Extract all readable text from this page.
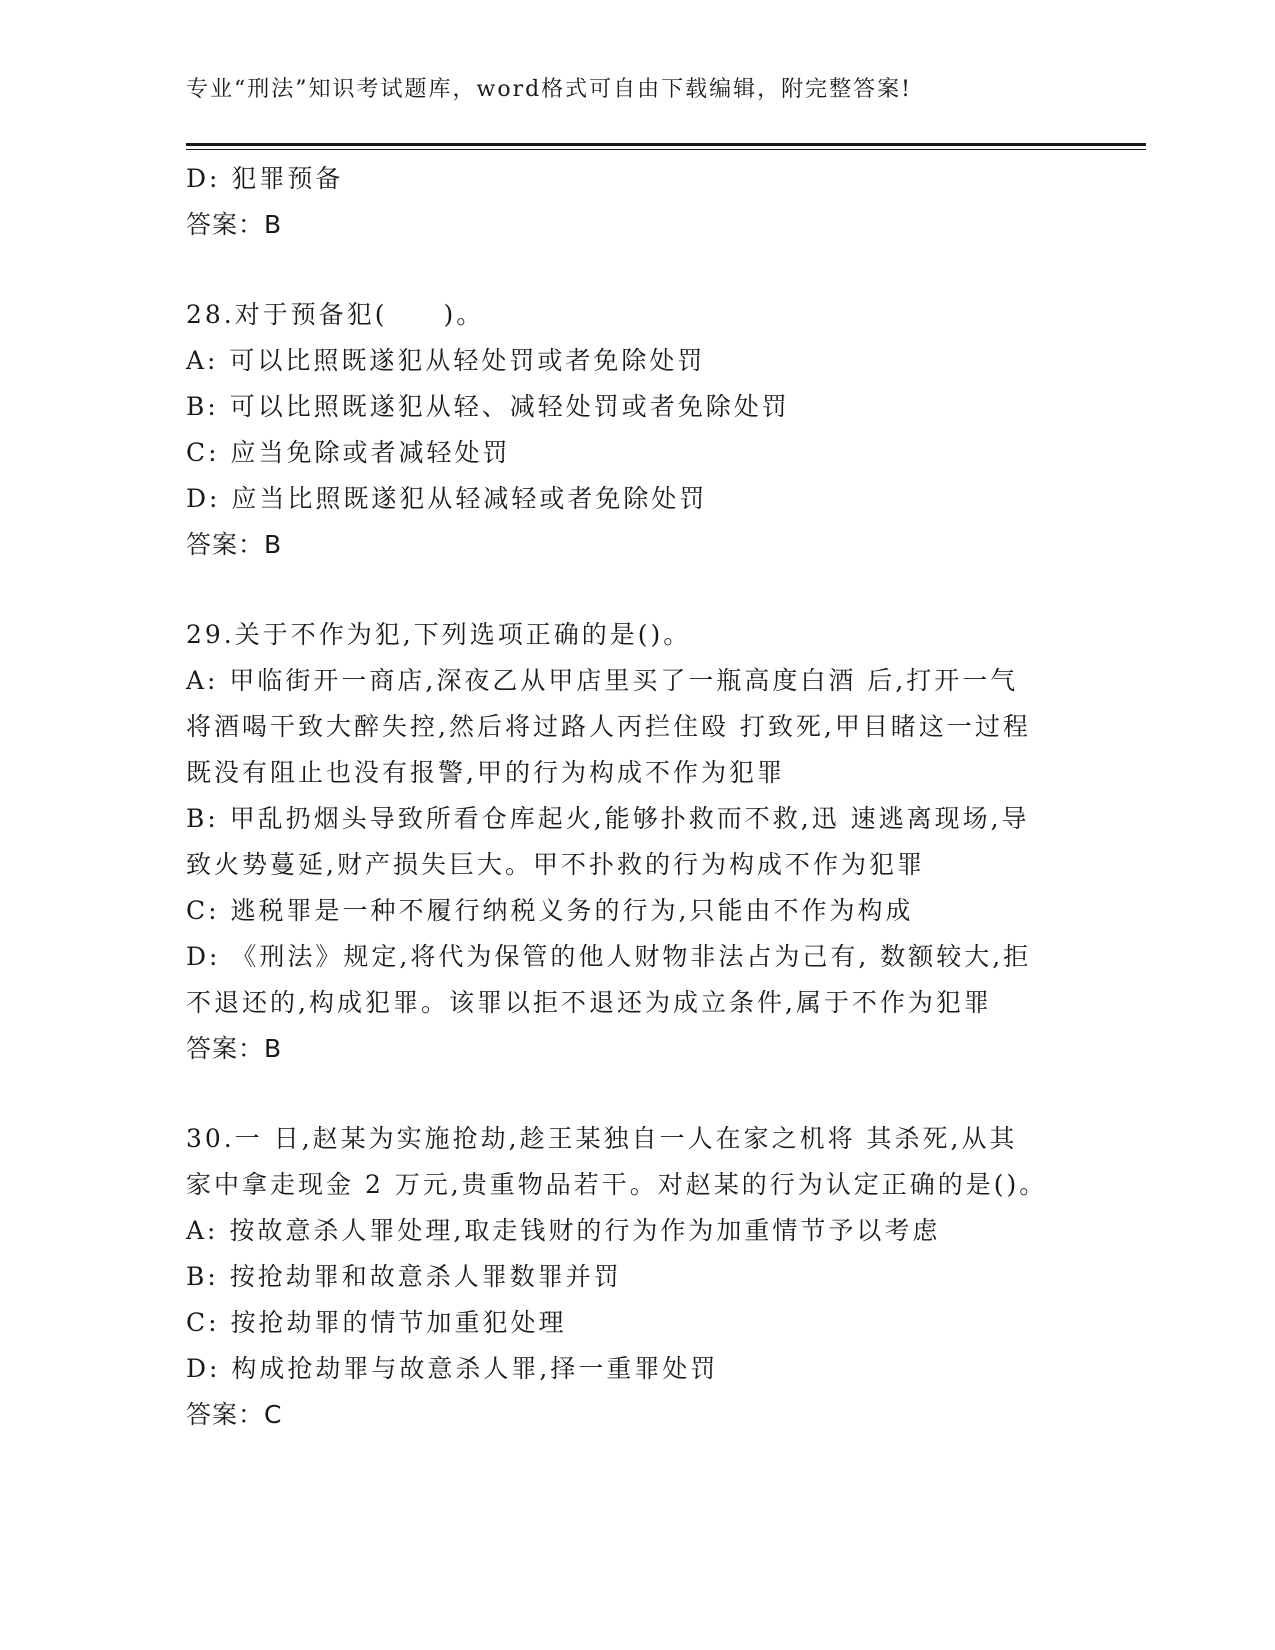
专业“刑法”知识考试题库，word格式可自由下载编辑，附完整答案!
D: 犯罪预备
答案：B
28.对于预备犯(　　)。
A: 可以比照既遂犯从轻处罚或者免除处罚
B: 可以比照既遂犯从轻、减轻处罚或者免除处罚
C: 应当免除或者减轻处罚
D: 应当比照既遂犯从轻减轻或者免除处罚
答案：B
29.关于不作为犯,下列选项正确的是()。
A: 甲临街开一商店,深夜乙从甲店里买了一瓶高度白酒 后,打开一气
将酒喝干致大醉失控,然后将过路人丙拦住殴 打致死,甲目睹这一过程
既没有阻止也没有报警,甲的行为构成不作为犯罪
B: 甲乱扔烟头导致所看仓库起火,能够扑救而不救,迅 速逃离现场,导
致火势蔓延,财产损失巨大。甲不扑救的行为构成不作为犯罪
C: 逃税罪是一种不履行纳税义务的行为,只能由不作为构成
D: 《刑法》规定,将代为保管的他人财物非法占为己有, 数额较大,拒
不退还的,构成犯罪。该罪以拒不退还为成立条件,属于不作为犯罪
答案：B
30.一 日,赵某为实施抢劫,趁王某独自一人在家之机将 其杀死,从其
家中拿走现金 2 万元,贵重物品若干。对赵某的行为认定正确的是()。
A: 按故意杀人罪处理,取走钱财的行为作为加重情节予以考虑
B: 按抢劫罪和故意杀人罪数罪并罚
C: 按抢劫罪的情节加重犯处理
D: 构成抢劫罪与故意杀人罪,择一重罪处罚
答案：C
